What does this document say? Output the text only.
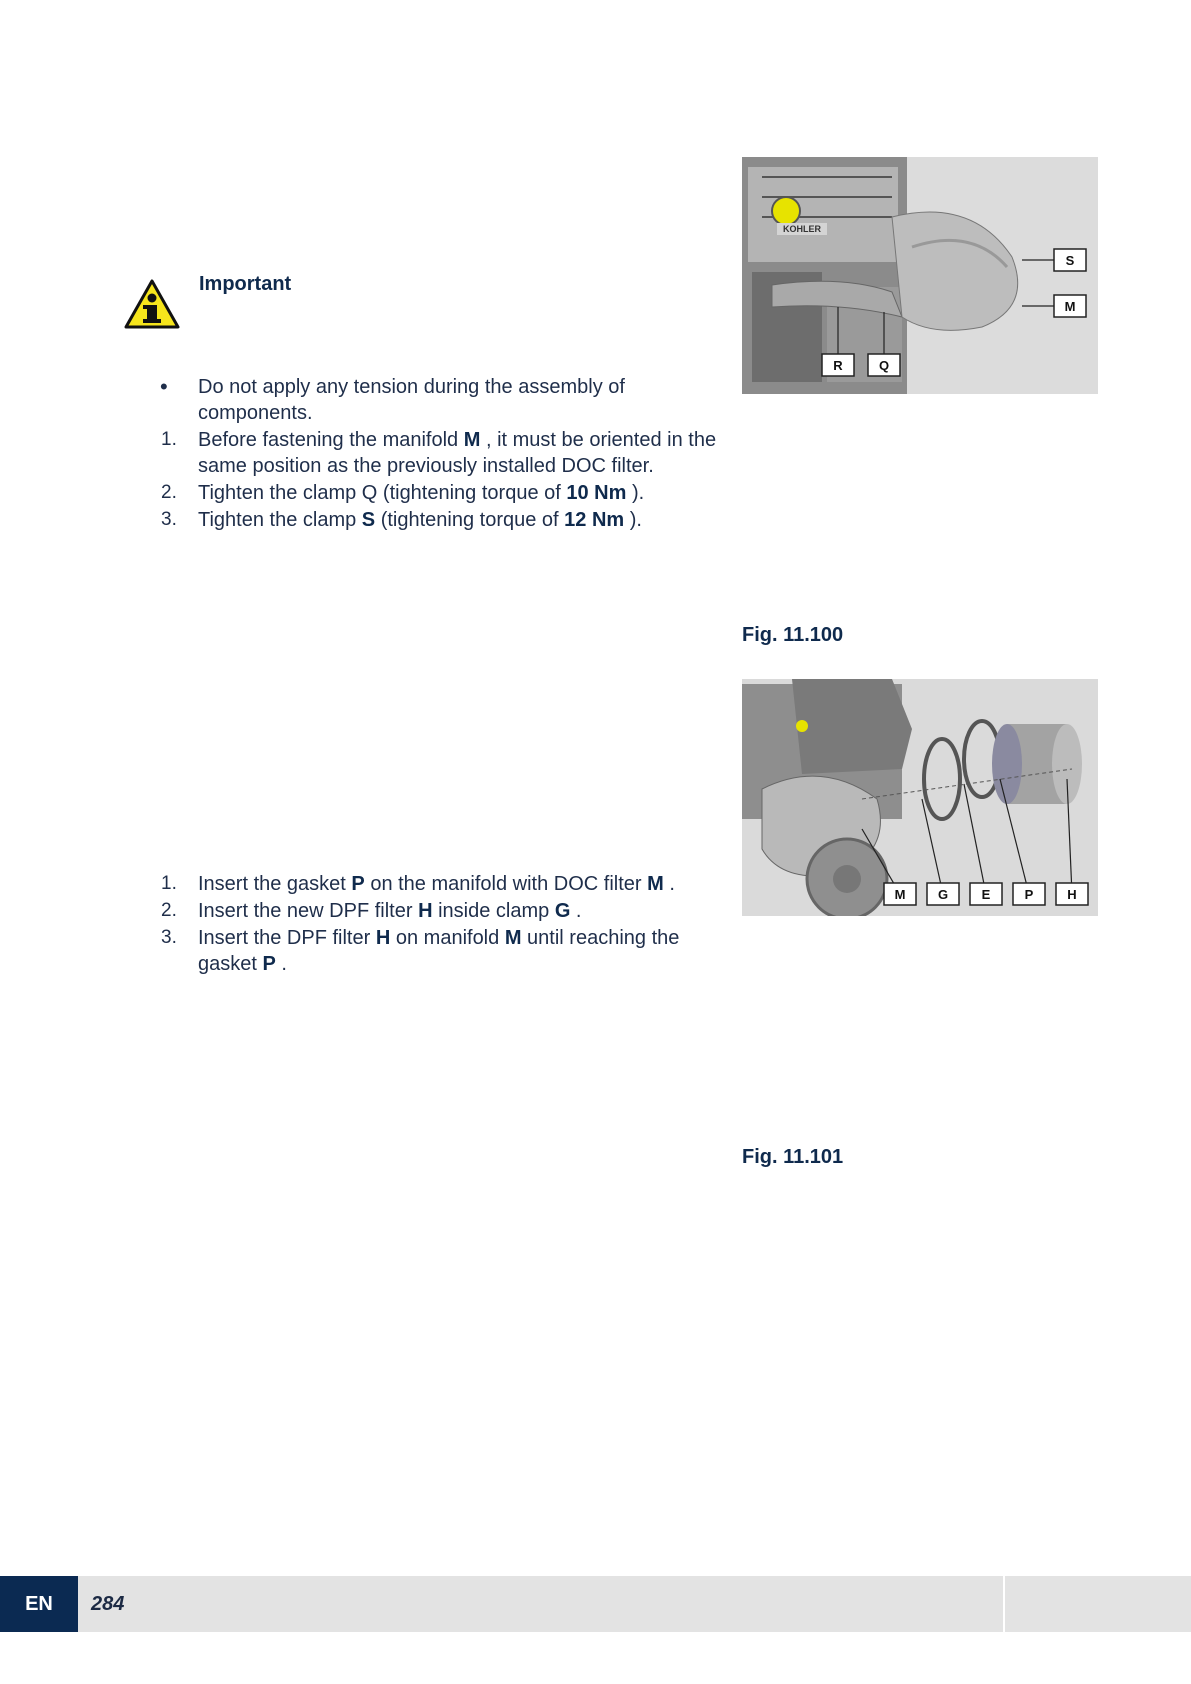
Important
•	Do not apply any tension during the assembly of components.
1.	Before fastening the manifold M , it must be oriented in the same position as the previously installed DOC filter.
2.	Tighten the clamp Q (tightening torque of 10 Nm ).
3.	Tighten the clamp S (tightening torque of 12 Nm ).
1.	Insert the gasket P on the manifold with DOC filter M .
2.	Insert the new DPF filter H inside clamp G .
3.	Insert the DPF filter H on manifold M until reaching the gasket P .
KOHLER
S
M
R	Q
Fig. 11.100
M	G	E	P	H
Fig. 11.101
EN	284
